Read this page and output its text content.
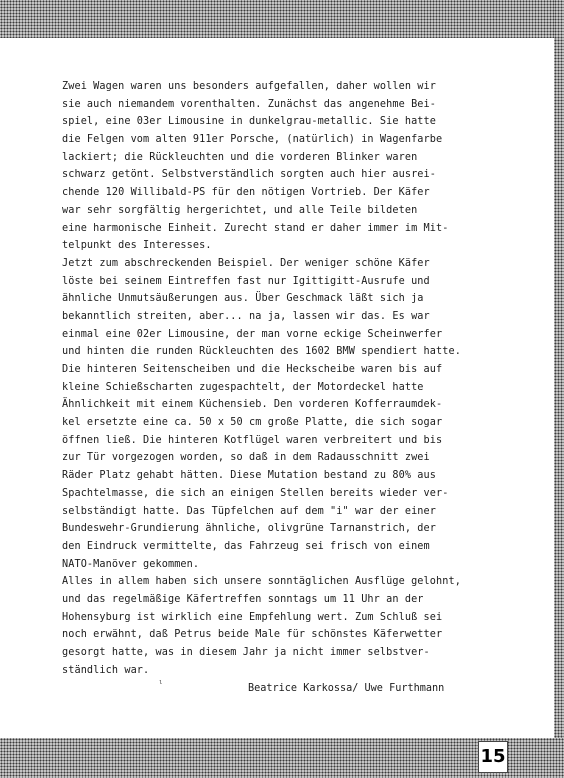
Zwei Wagen waren uns besonders aufgefallen, daher wollen wir
sie auch niemandem vorenthalten. Zunächst das angenehme Bei-
spiel, eine 03er Limousine in dunkelgrau-metallic. Sie hatte
die Felgen vom alten 911er Porsche, (natürlich) in Wagenfarbe
lackiert; die Rückleuchten und die vorderen Blinker waren
schwarz getönt. Selbstverständlich sorgten auch hier ausrei-
chende 120 Willibald-PS für den nötigen Vortrieb. Der Käfer
war sehr sorgfältig hergerichtet, und alle Teile bildeten
eine harmonische Einheit. Zurecht stand er daher immer im Mit-
telpunkt des Interesses.
Jetzt zum abschreckenden Beispiel. Der weniger schöne Käfer
löste bei seinem Eintreffen fast nur Igittigitt-Ausrufe und
ähnliche Unmutsäußerungen aus. Über Geschmack läßt sich ja
bekanntlich streiten, aber... na ja, lassen wir das. Es war
einmal eine 02er Limousine, der man vorne eckige Scheinwerfer
und hinten die runden Rückleuchten des 1602 BMW spendiert hatte.
Die hinteren Seitenscheiben und die Heckscheibe waren bis auf
kleine Schießscharten zugespachtelt, der Motordeckel hatte
Ähnlichkeit mit einem Küchensieb. Den vorderen Kofferraumdek-
kel ersetzte eine ca. 50 x 50 cm große Platte, die sich sogar
öffnen ließ. Die hinteren Kotflügel waren verbreitert und bis
zur Tür vorgezogen worden, so daß in dem Radausschnitt zwei
Räder Platz gehabt hätten. Diese Mutation bestand zu 80% aus
Spachtelmasse, die sich an einigen Stellen bereits wieder ver-
selbständigt hatte. Das Tüpfelchen auf dem "i" war der einer
Bundeswehr-Grundierung ähnliche, olivgrüne Tarnanstrich, der
den Eindruck vermittelte, das Fahrzeug sei frisch von einem
NATO-Manöver gekommen.
Alles in allem haben sich unsere sonntäglichen Ausflüge gelohnt,
und das regelmäßige Käfertreffen sonntags um 11 Uhr an der
Hohensyburg ist wirklich eine Empfehlung wert. Zum Schluß sei
noch erwähnt, daß Petrus beide Male für schönstes Käferwetter
gesorgt hatte, was in diesem Jahr ja nicht immer selbstver-
ständlich war.
ˡ	Beatrice Karkossa/ Uwe Furthmann
15
